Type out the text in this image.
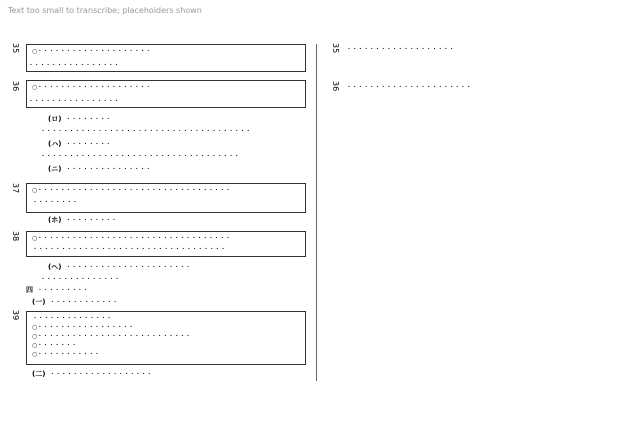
Text too small to transcribe; placeholders shown
35 ○・・・・・・・・・・・・・・・・・・・・
・・・・・・・・・・・・・・・・
36 ○・・・・・・・・・・・・・・・・・・・・
・・・・・・・・・・・・・・・・
(ロ) ・・・・・・・・
・・・・・・・・・・・・・・・・・・・・・・・・・・・・・・・・・・・・・
(ハ) ・・・・・・・・
・・・・・・・・・・・・・・・・・・・・・・・・・・・・・・・・・・・
(ニ) ・・・・・・・・・・・・・・・
37 ○・・・・・・・・・・・・・・・・・・・・・・・・・・・・・・・・・・
・・・・・・・・
(ホ) ・・・・・・・・・
38 ○・・・・・・・・・・・・・・・・・・・・・・・・・・・・・・・・・・
・・・・・・・・・・・・・・・・・・・・・・・・・・・・・・・・・・
(ヘ) ・・・・・・・・・・・・・・・・・・・・・・
・・・・・・・・・・・・・・
四 ・・・・・・・・・
(一) ・・・・・・・・・・・・
39 ・・・・・・・・・・・・・・
○・・・・・・・・・・・・・・・・・
○・・・・・・・・・・・・・・・・・・・・・・・・・・・
○・・・・・・・
○・・・・・・・・・・・
(二) ・・・・・・・・・・・・・・・・・・
35 ・・・・・・・・・・・・・・・・・・・
36 ・・・・・・・・・・・・・・・・・・・・・・
